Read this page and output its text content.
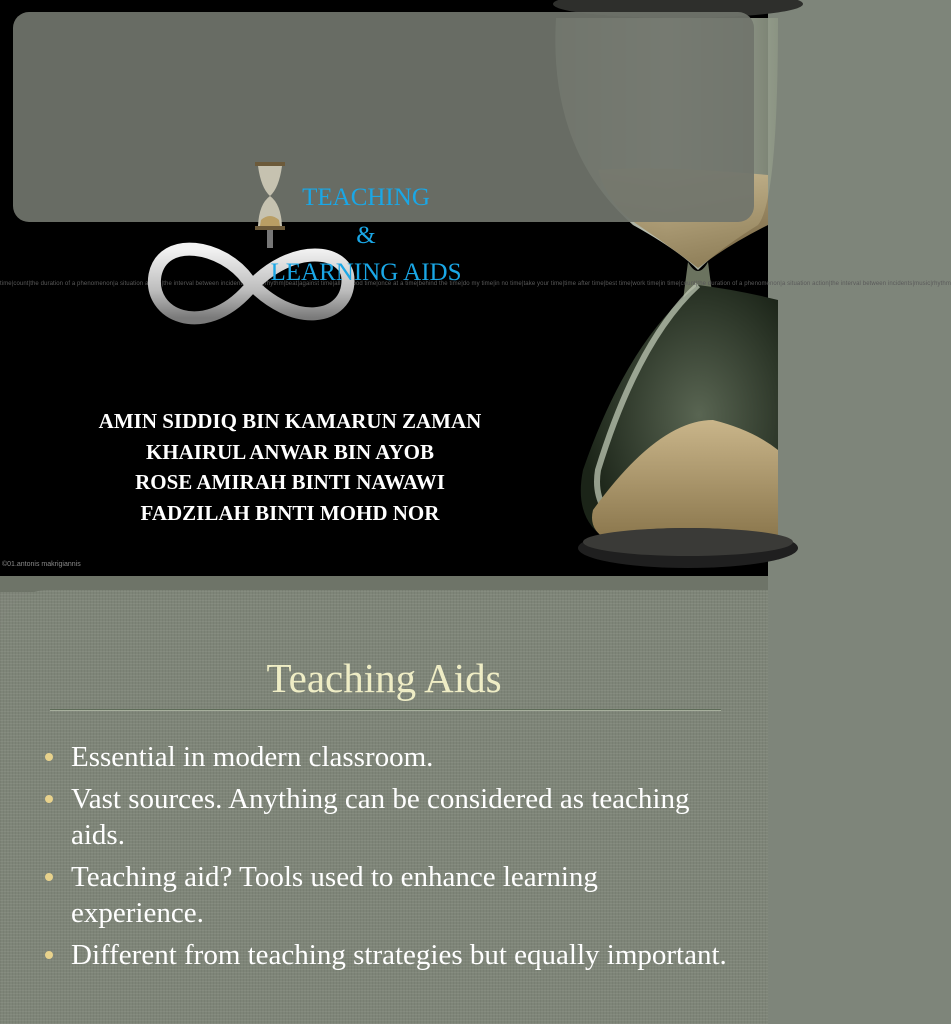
time|count|the duration of a phenomenon|a situation action|the interval between incidents|music|rhythm|beat|against time|all in good time|once at a time|behind the time|do my time|in no time|take your time|time after time|best time|work time|in time|count|the duration of a phenomenon|a situation action|the interval between incidents|music|rhythm
TEACHING
&
LEARNING AIDS
AMIN SIDDIQ BIN KAMARUN ZAMAN
KHAIRUL ANWAR BIN AYOB
ROSE AMIRAH BINTI NAWAWI
FADZILAH BINTI MOHD NOR
©01.antonis makrigiannis
Teaching Aids
Essential in modern classroom.
Vast sources. Anything can be considered as teaching aids.
Teaching aid? Tools used to enhance learning experience.
Different from teaching strategies but equally important.
